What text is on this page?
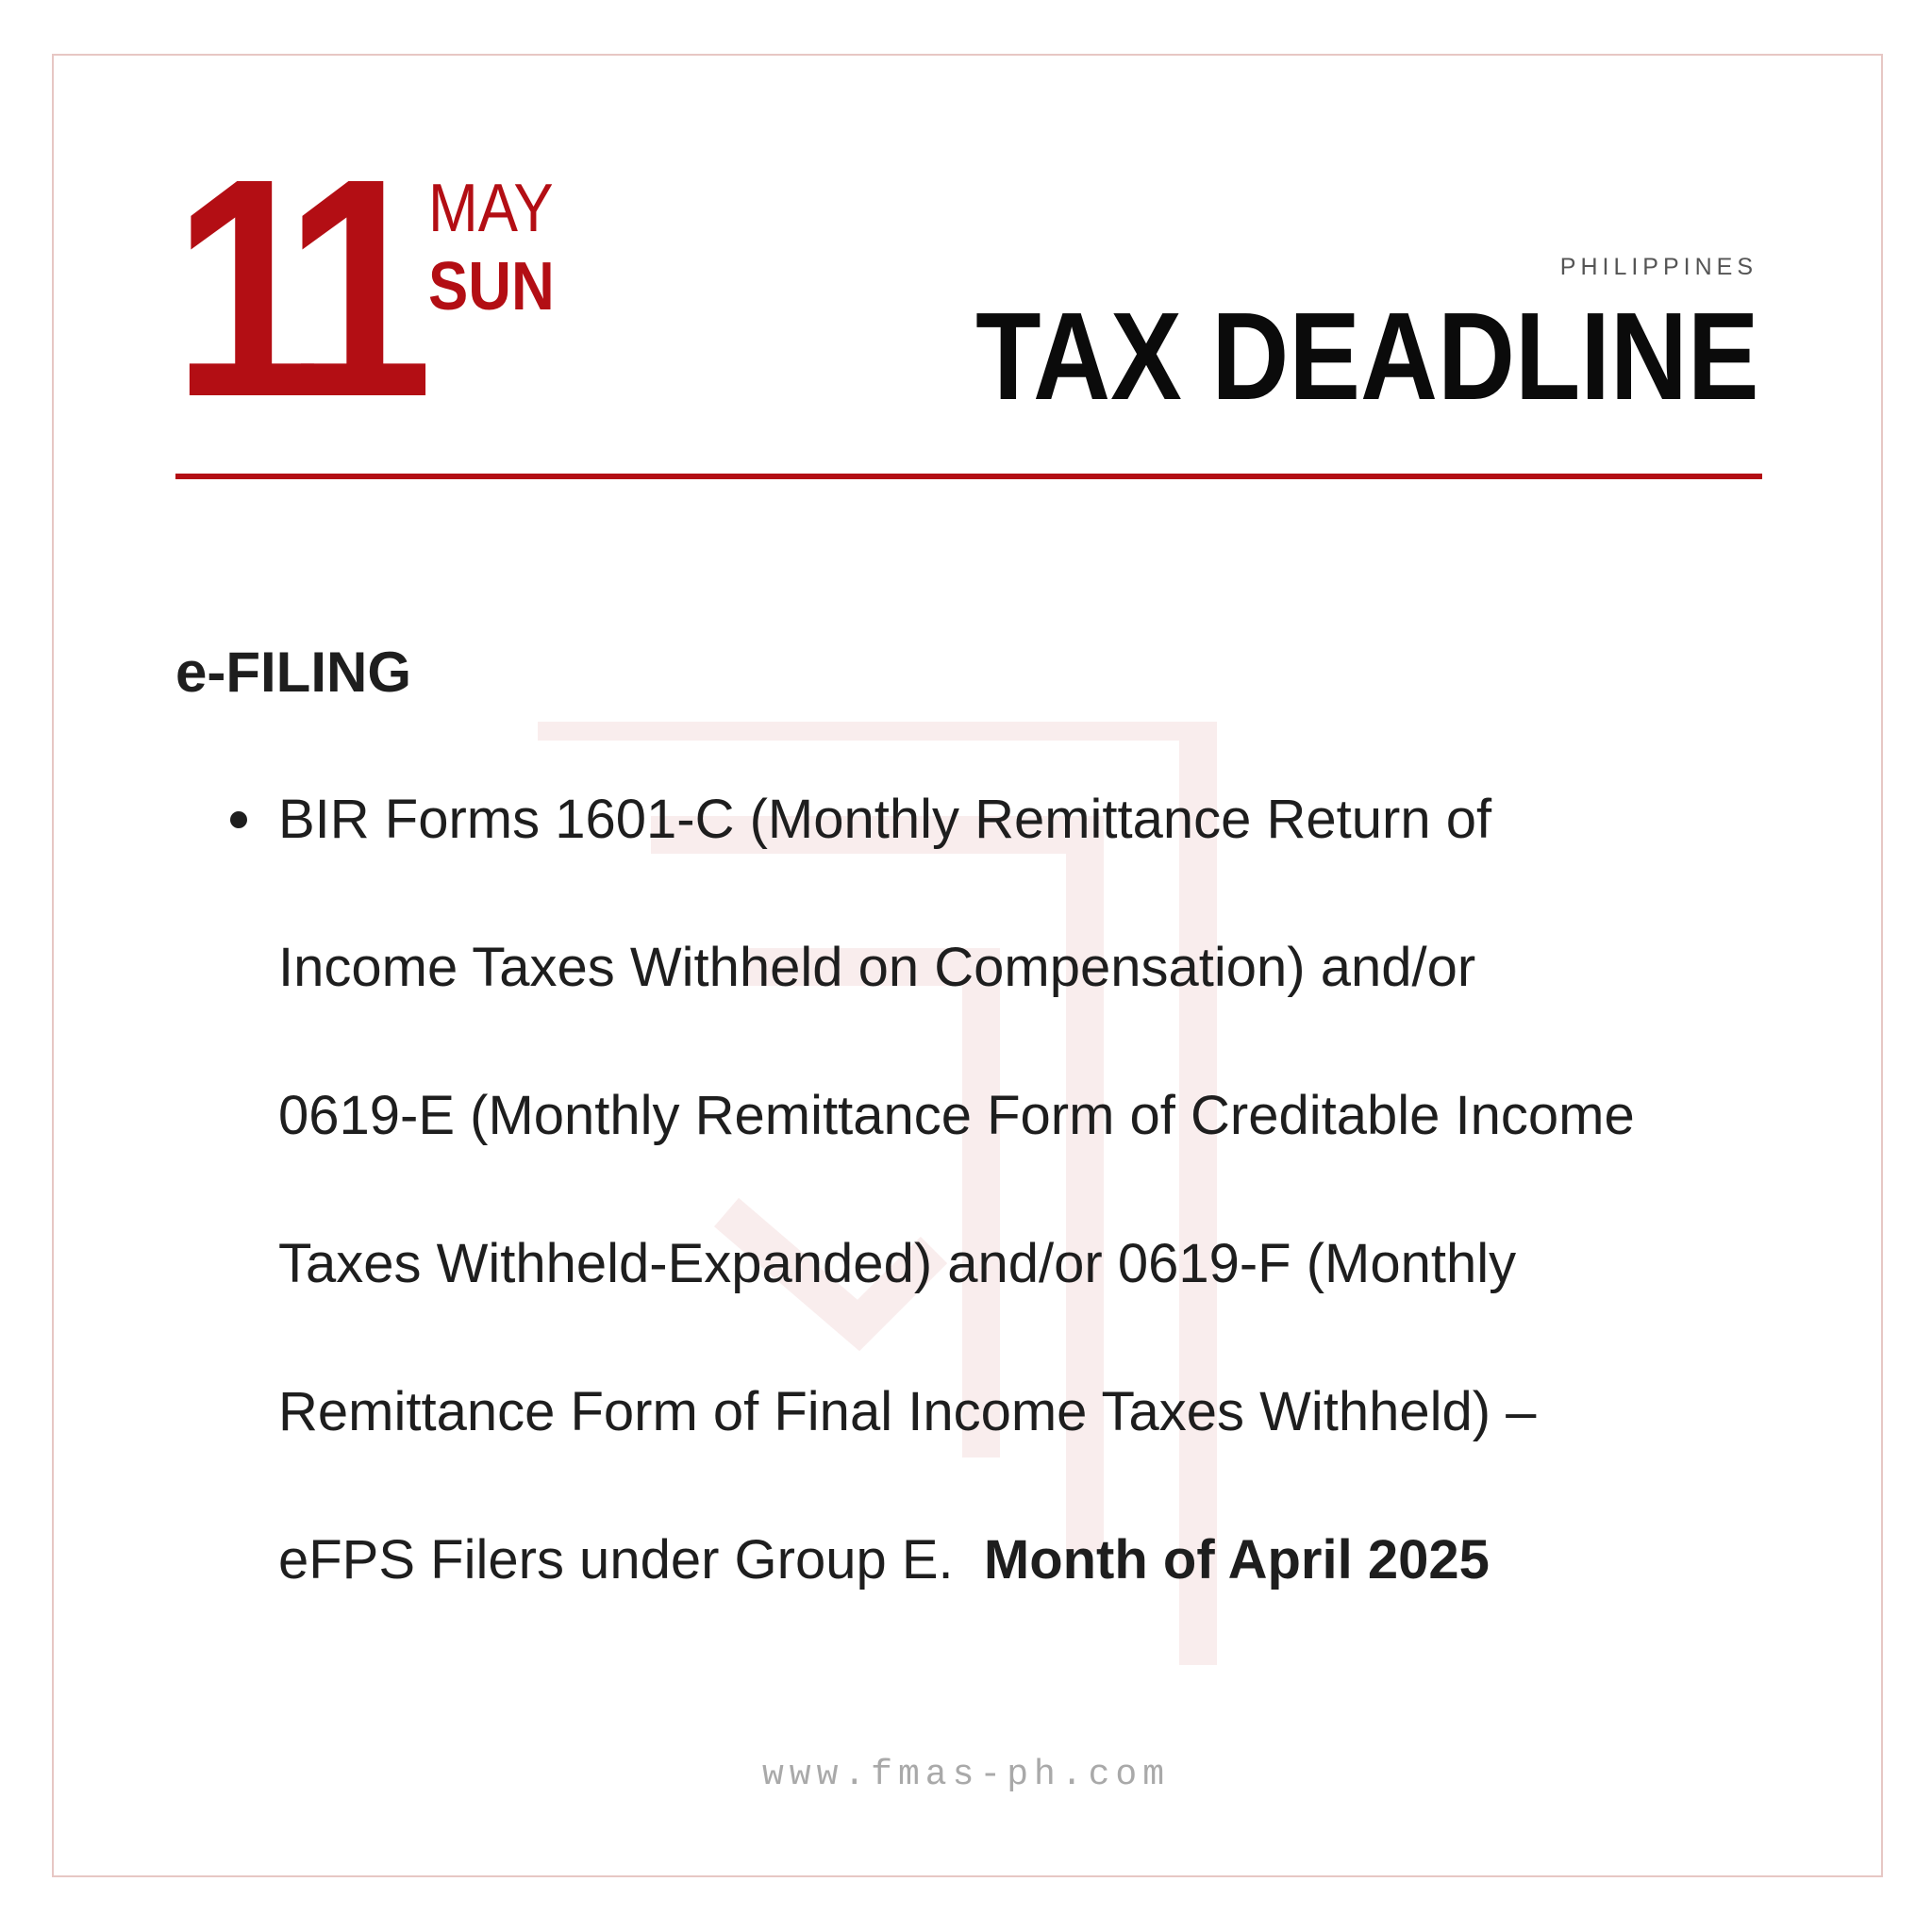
11 MAY
SUN	PHILIPPINES
TAX DEADLINE
e-FILING
BIR Forms 1601-C (Monthly Remittance Return of
Income Taxes Withheld on Compensation) and/or
0619-E (Monthly Remittance Form of Creditable Income
Taxes Withheld-Expanded) and/or 0619-F (Monthly
Remittance Form of Final Income Taxes Withheld) –
eFPS Filers under Group E. Month of April 2025
www.fmas-ph.com
